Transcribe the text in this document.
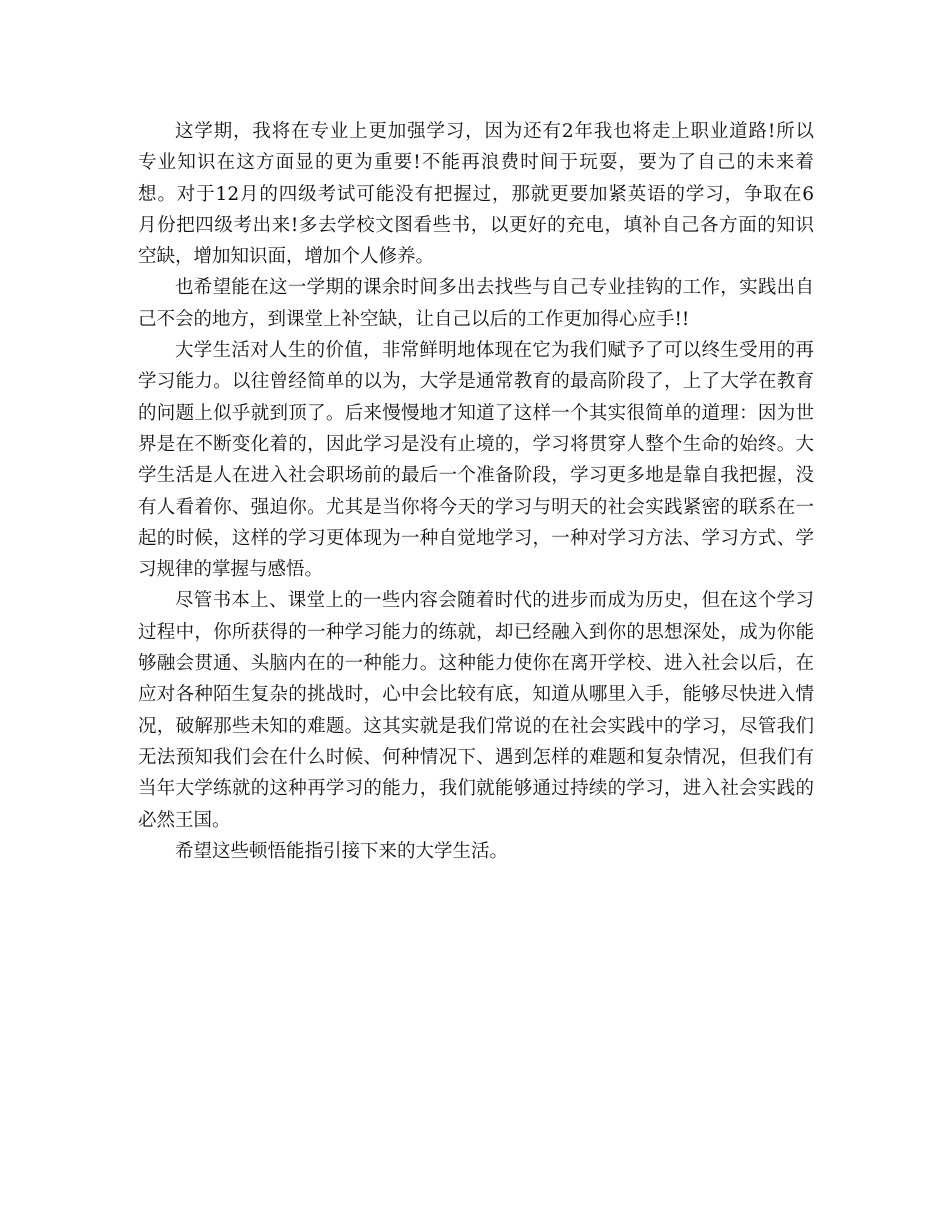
这学期，我将在专业上更加强学习，因为还有2年我也将走上职业道路!所以
专业知识在这方面显的更为重要!不能再浪费时间于玩耍，要为了自己的未来着
想。对于12月的四级考试可能没有把握过，那就更要加紧英语的学习，争取在6
月份把四级考出来!多去学校文图看些书，以更好的充电，填补自己各方面的知识
空缺，增加知识面，增加个人修养。

也希望能在这一学期的课余时间多出去找些与自己专业挂钩的工作，实践出自
己不会的地方，到课堂上补空缺，让自己以后的工作更加得心应手!!

大学生活对人生的价值，非常鲜明地体现在它为我们赋予了可以终生受用的再
学习能力。以往曾经简单的以为，大学是通常教育的最高阶段了，上了大学在教育
的问题上似乎就到顶了。后来慢慢地才知道了这样一个其实很简单的道理：因为世
界是在不断变化着的，因此学习是没有止境的，学习将贯穿人整个生命的始终。大
学生活是人在进入社会职场前的最后一个准备阶段，学习更多地是靠自我把握，没
有人看着你、强迫你。尤其是当你将今天的学习与明天的社会实践紧密的联系在一
起的时候，这样的学习更体现为一种自觉地学习，一种对学习方法、学习方式、学
习规律的掌握与感悟。

尽管书本上、课堂上的一些内容会随着时代的进步而成为历史，但在这个学习
过程中，你所获得的一种学习能力的练就，却已经融入到你的思想深处，成为你能
够融会贯通、头脑内在的一种能力。这种能力使你在离开学校、进入社会以后，在
应对各种陌生复杂的挑战时，心中会比较有底，知道从哪里入手，能够尽快进入情
况，破解那些未知的难题。这其实就是我们常说的在社会实践中的学习，尽管我们
无法预知我们会在什么时候、何种情况下、遇到怎样的难题和复杂情况，但我们有
当年大学练就的这种再学习的能力，我们就能够通过持续的学习，进入社会实践的
必然王国。

希望这些顿悟能指引接下来的大学生活。
